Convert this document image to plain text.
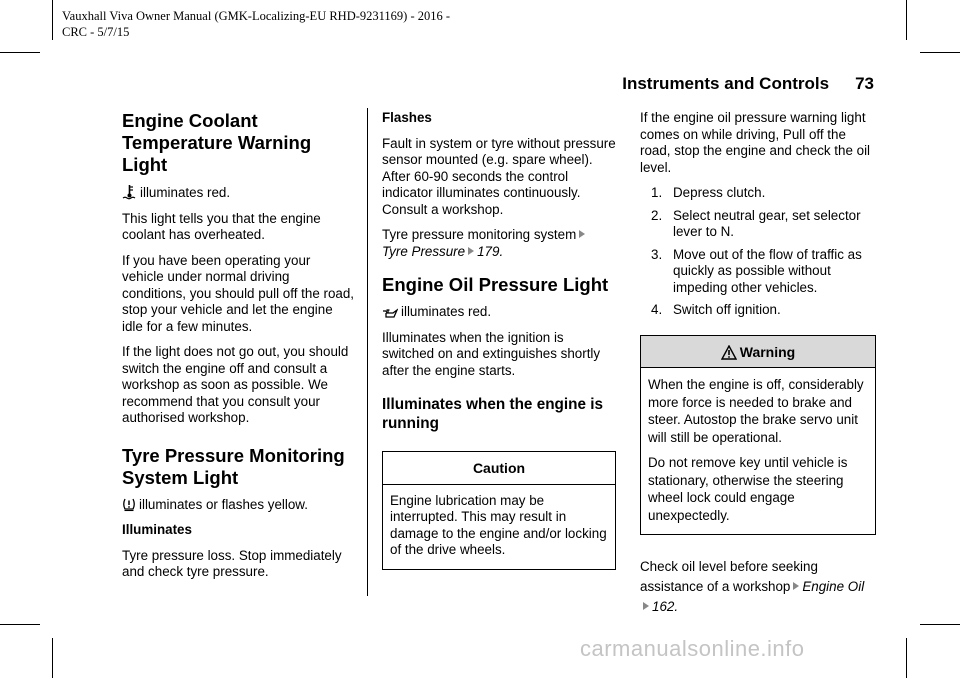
Vauxhall Viva Owner Manual (GMK-Localizing-EU RHD-9231169) - 2016 -
CRC - 5/7/15
Instruments and Controls 73
Engine Coolant
Temperature Warning
Light

illuminates red.

This light tells you that the engine coolant has overheated.

If you have been operating your vehicle under normal driving conditions, you should pull off the road, stop your vehicle and let the engine idle for a few minutes.

If the light does not go out, you should switch the engine off and consult a workshop as soon as possible. We recommend that you consult your authorised workshop.

Tyre Pressure Monitoring
System Light

illuminates or flashes yellow.

Illuminates

Tyre pressure loss. Stop immediately and check tyre pressure.

Flashes

Fault in system or tyre without pressure sensor mounted (e.g. spare wheel). After 60-90 seconds the control indicator illuminates continuously. Consult a workshop.

Tyre pressure monitoring system
Tyre Pressure 179.

Engine Oil Pressure Light

illuminates red.

Illuminates when the ignition is switched on and extinguishes shortly after the engine starts.

Illuminates when the engine is
running
Caution

Engine lubrication may be interrupted. This may result in damage to the engine and/or locking of the drive wheels.

If the engine oil pressure warning light comes on while driving, Pull off the road, stop the engine and check the oil level.

1. Depress clutch.
2. Select neutral gear, set selector lever to N.
3. Move out of the flow of traffic as quickly as possible without impeding other vehicles.
4. Switch off ignition.
Warning

When the engine is off, considerably more force is needed to brake and steer. Autostop the brake servo unit will still be operational.

Do not remove key until vehicle is stationary, otherwise the steering wheel lock could engage unexpectedly.

Check oil level before seeking assistance of a workshop Engine Oil162.

carmanualsonline.info
